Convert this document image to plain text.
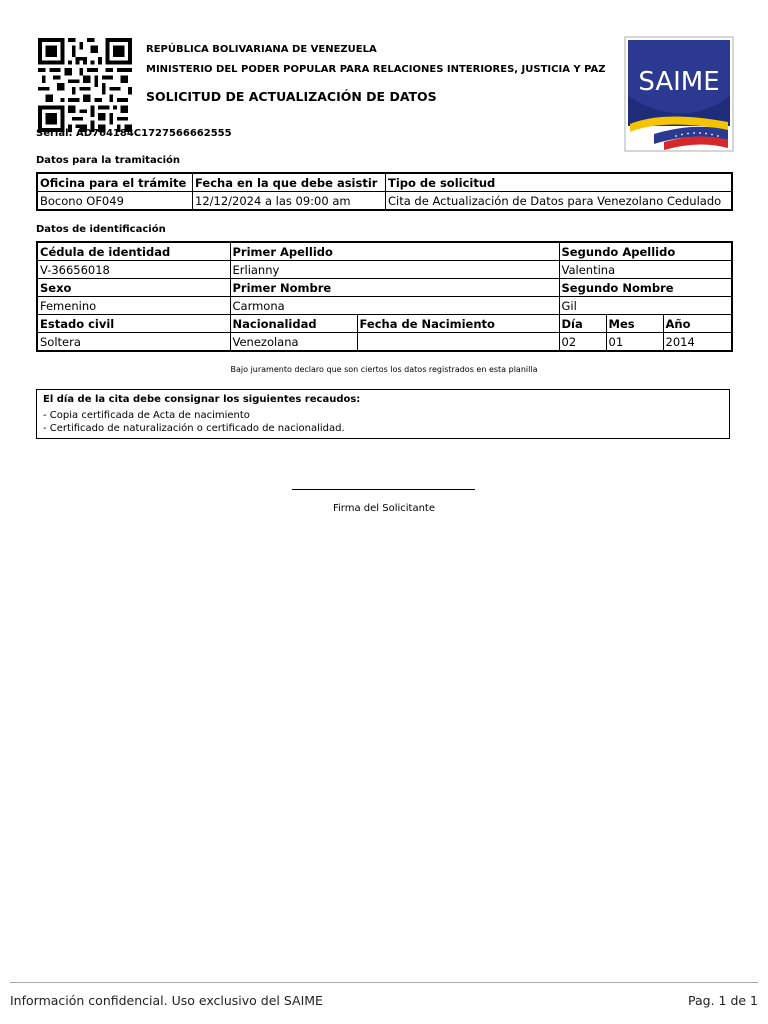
REPÚBLICA BOLIVARIANA DE VENEZUELA
MINISTERIO DEL PODER POPULAR PARA RELACIONES INTERIORES, JUSTICIA Y PAZ
SOLICITUD DE ACTUALIZACIÓN DE DATOS
Serial: AD764184C1727566662555
SAIME
Datos para la tramitación
Oficina para el trámite	Fecha en la que debe asistir	Tipo de solicitud
Bocono OF049	12/12/2024 a las 09:00 am	Cita de Actualización de Datos para Venezolano Cedulado
Datos de identificación
Cédula de identidad	Primer Apellido		Segundo Apellido		
V-36656018	Erlianny		Valentina		
Sexo	Primer Nombre		Segundo Nombre		
Femenino	Carmona		Gil		
Estado civil	Nacionalidad	Fecha de Nacimiento	Día	Mes	Año
Soltera	Venezolana		02	01	2014
Bajo juramento declaro que son ciertos los datos registrados en esta planilla
El día de la cita debe consignar los siguientes recaudos:
- Copia certificada de Acta de nacimiento
- Certificado de naturalización o certificado de nacionalidad.
Firma del Solicitante
Información confidencial. Uso exclusivo del SAIME	Pag. 1 de 1
